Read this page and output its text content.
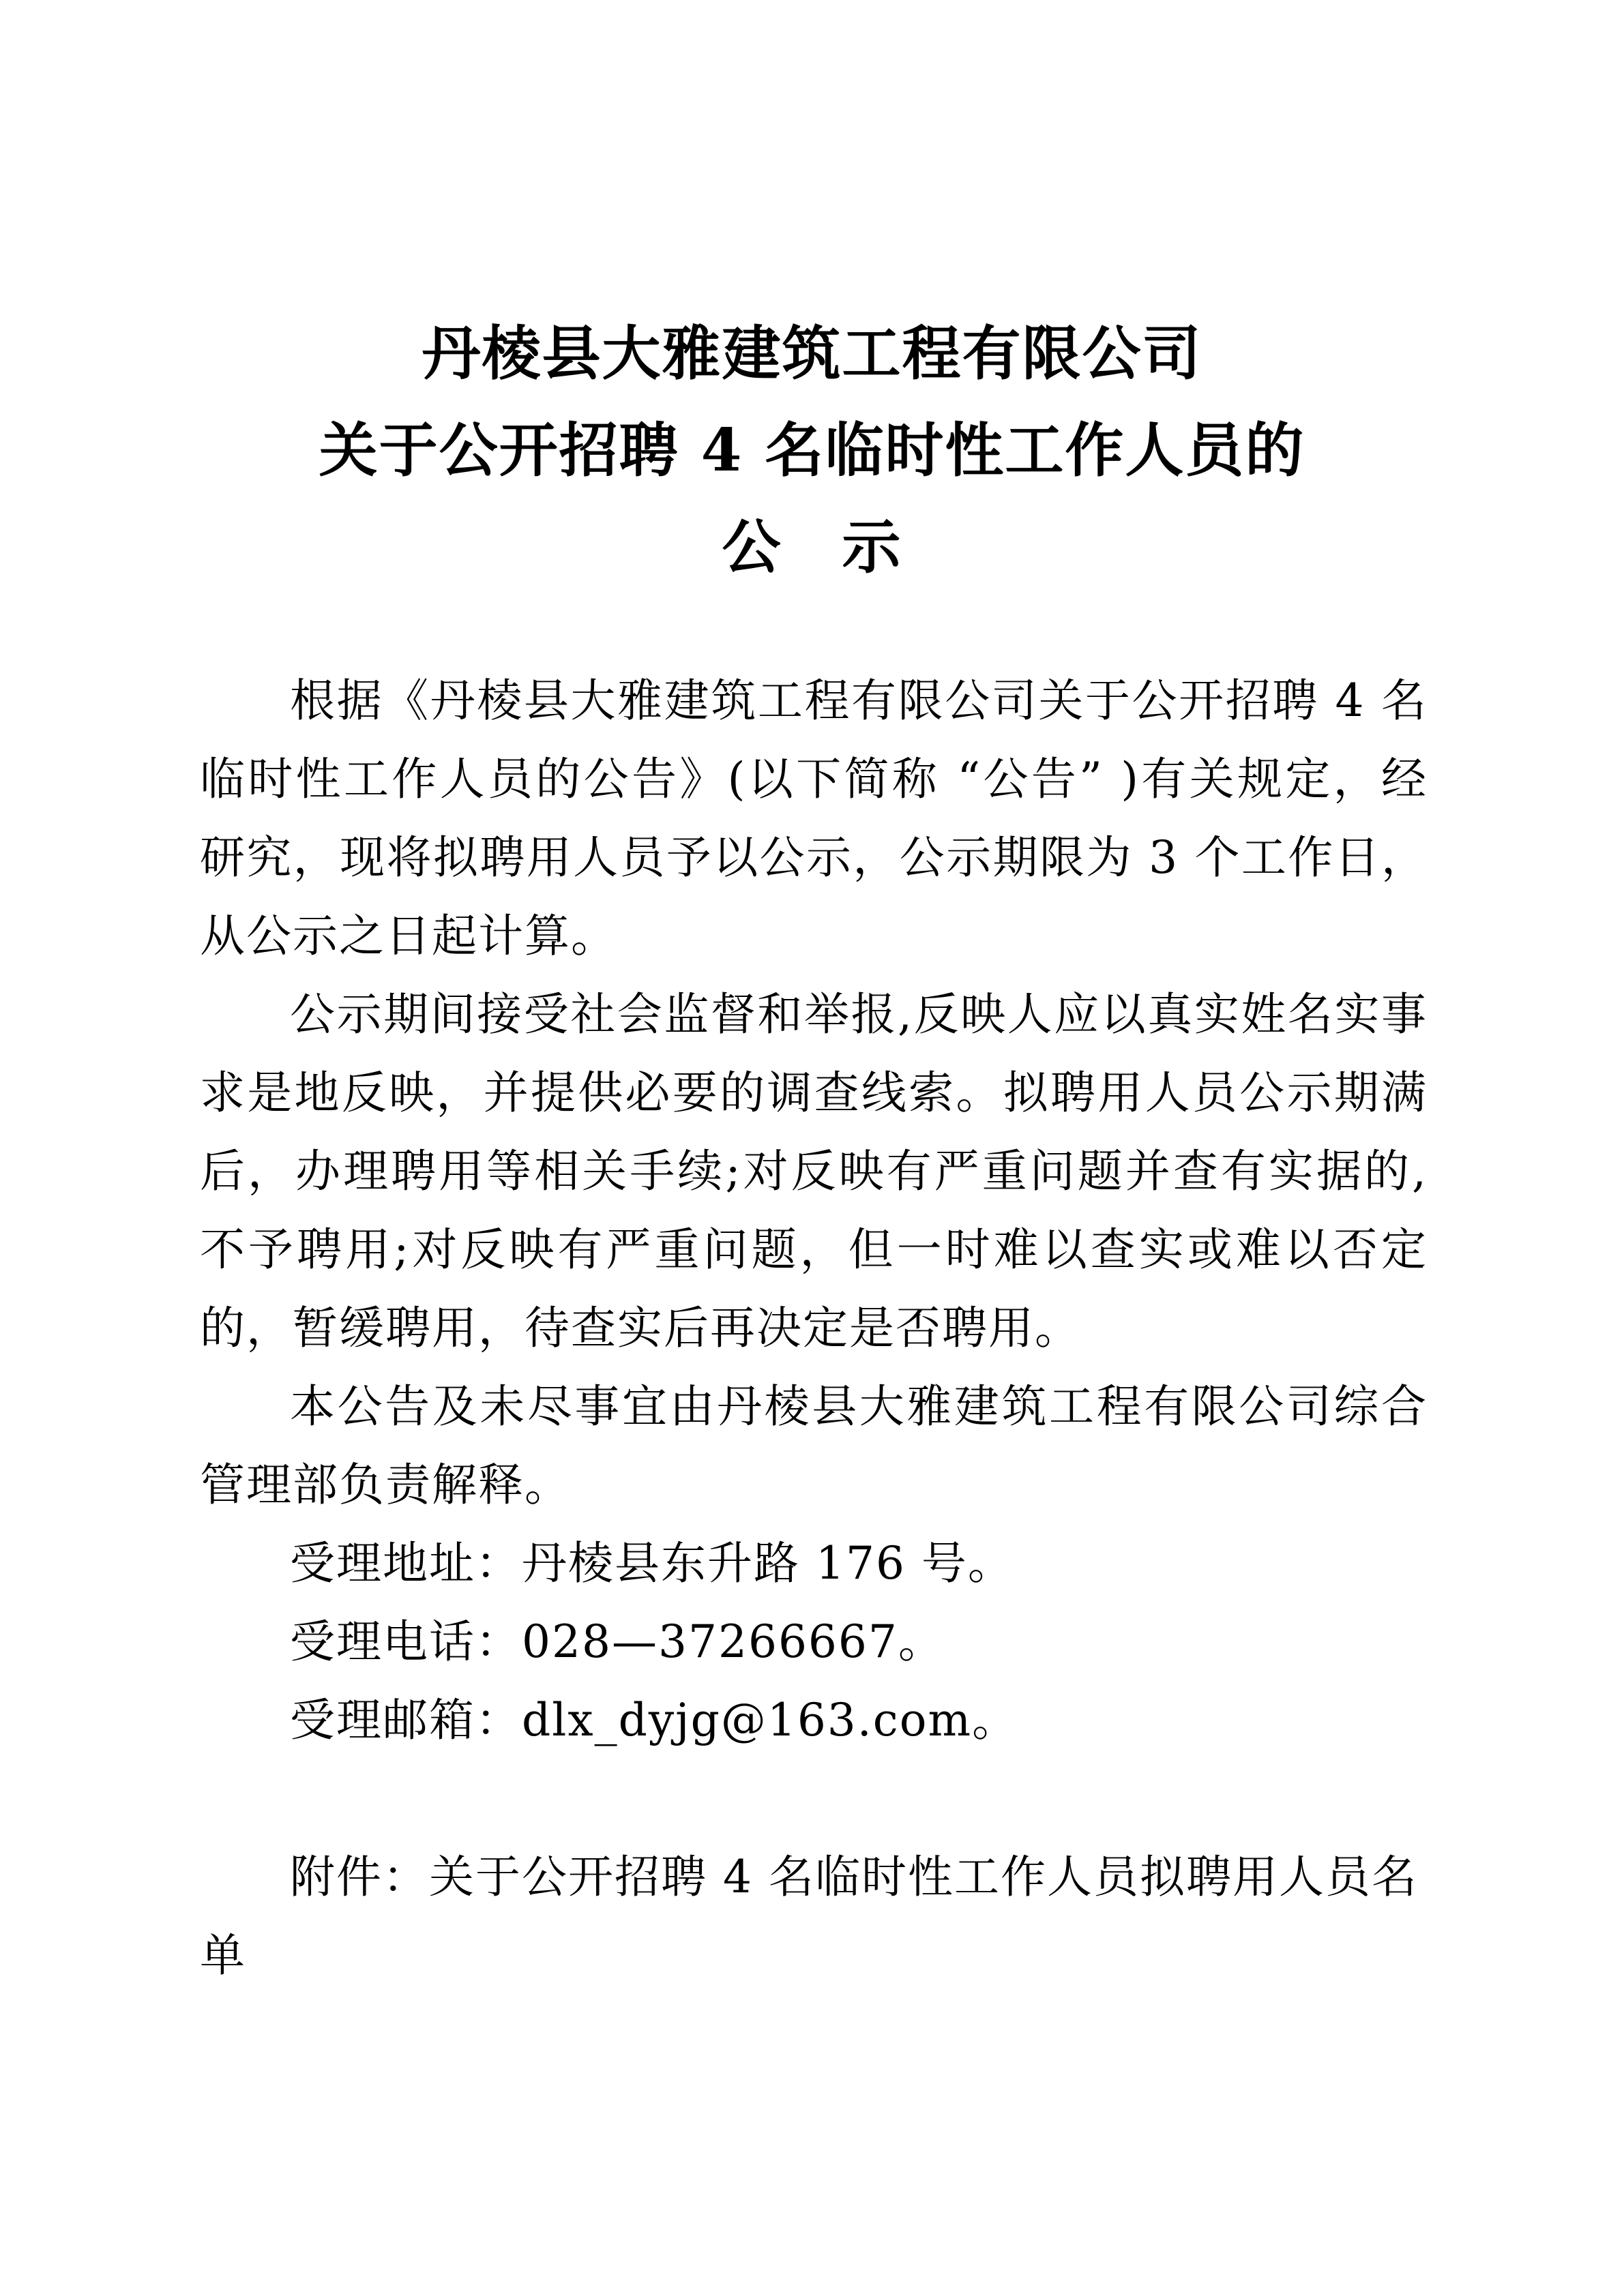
丹棱县大雅建筑工程有限公司
关于公开招聘 4 名临时性工作人员的
公　示

根据《丹棱县大雅建筑工程有限公司关于公开招聘 4 名临时性工作人员的公告》(以下简称 “公告” )有关规定，经研究，现将拟聘用人员予以公示，公示期限为 3 个工作日，从公示之日起计算。

公示期间接受社会监督和举报,反映人应以真实姓名实事求是地反映，并提供必要的调查线索。拟聘用人员公示期满后，办理聘用等相关手续;对反映有严重问题并查有实据的,不予聘用;对反映有严重问题，但一时难以查实或难以否定的，暂缓聘用，待查实后再决定是否聘用。

本公告及未尽事宜由丹棱县大雅建筑工程有限公司综合管理部负责解释。

受理地址：丹棱县东升路 176 号。

受理电话：028—37266667。

受理邮箱：dlx_dyjg@163.com。

附件：关于公开招聘 4 名临时性工作人员拟聘用人员名单
